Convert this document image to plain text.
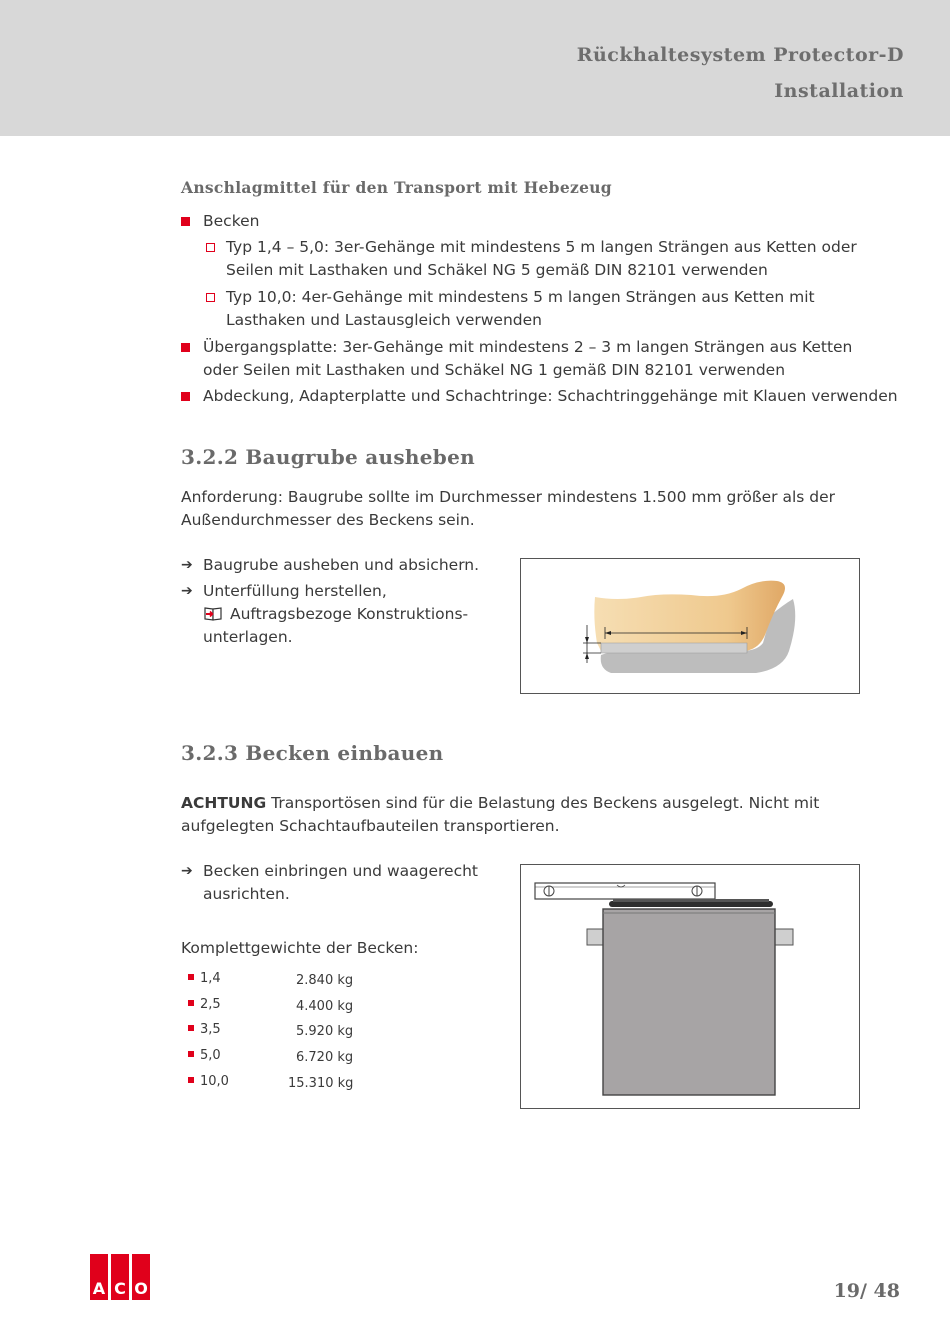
Rückhaltesystem Protector-D
Installation
Anschlagmittel für den Transport mit Hebezeug
Becken
Typ 1,4 – 5,0: 3er-Gehänge mit mindestens 5 m langen Strängen aus Ketten oder
Seilen mit Lasthaken und Schäkel NG 5 gemäß DIN 82101 verwenden
Typ 10,0: 4er-Gehänge mit mindestens 5 m langen Strängen aus Ketten mit
Lasthaken und Lastausgleich verwenden
Übergangsplatte: 3er-Gehänge mit mindestens 2 – 3 m langen Strängen aus Ketten
oder Seilen mit Lasthaken und Schäkel NG 1 gemäß DIN 82101 verwenden
Abdeckung, Adapterplatte und Schachtringe: Schachtringgehänge mit Klauen verwenden
3.2.2 Baugrube ausheben
Anforderung: Baugrube sollte im Durchmesser mindestens 1.500 mm größer als der
Außendurchmesser des Beckens sein.
➔ Baugrube ausheben und absichern.
➔ Unterfüllung herstellen,
Auftragsbezoge Konstruktions-
unterlagen.
3.2.3 Becken einbauen
ACHTUNG Transportösen sind für die Belastung des Beckens ausgelegt. Nicht mit
aufgelegten Schachtaufbauteilen transportieren.
➔ Becken einbringen und waagerecht
ausrichten.
Komplettgewichte der Becken:
1,4	2.840 kg
2,5	4.400 kg
3,5	5.920 kg
5,0	6.720 kg
10,0	15.310 kg
A C O	19/ 48
